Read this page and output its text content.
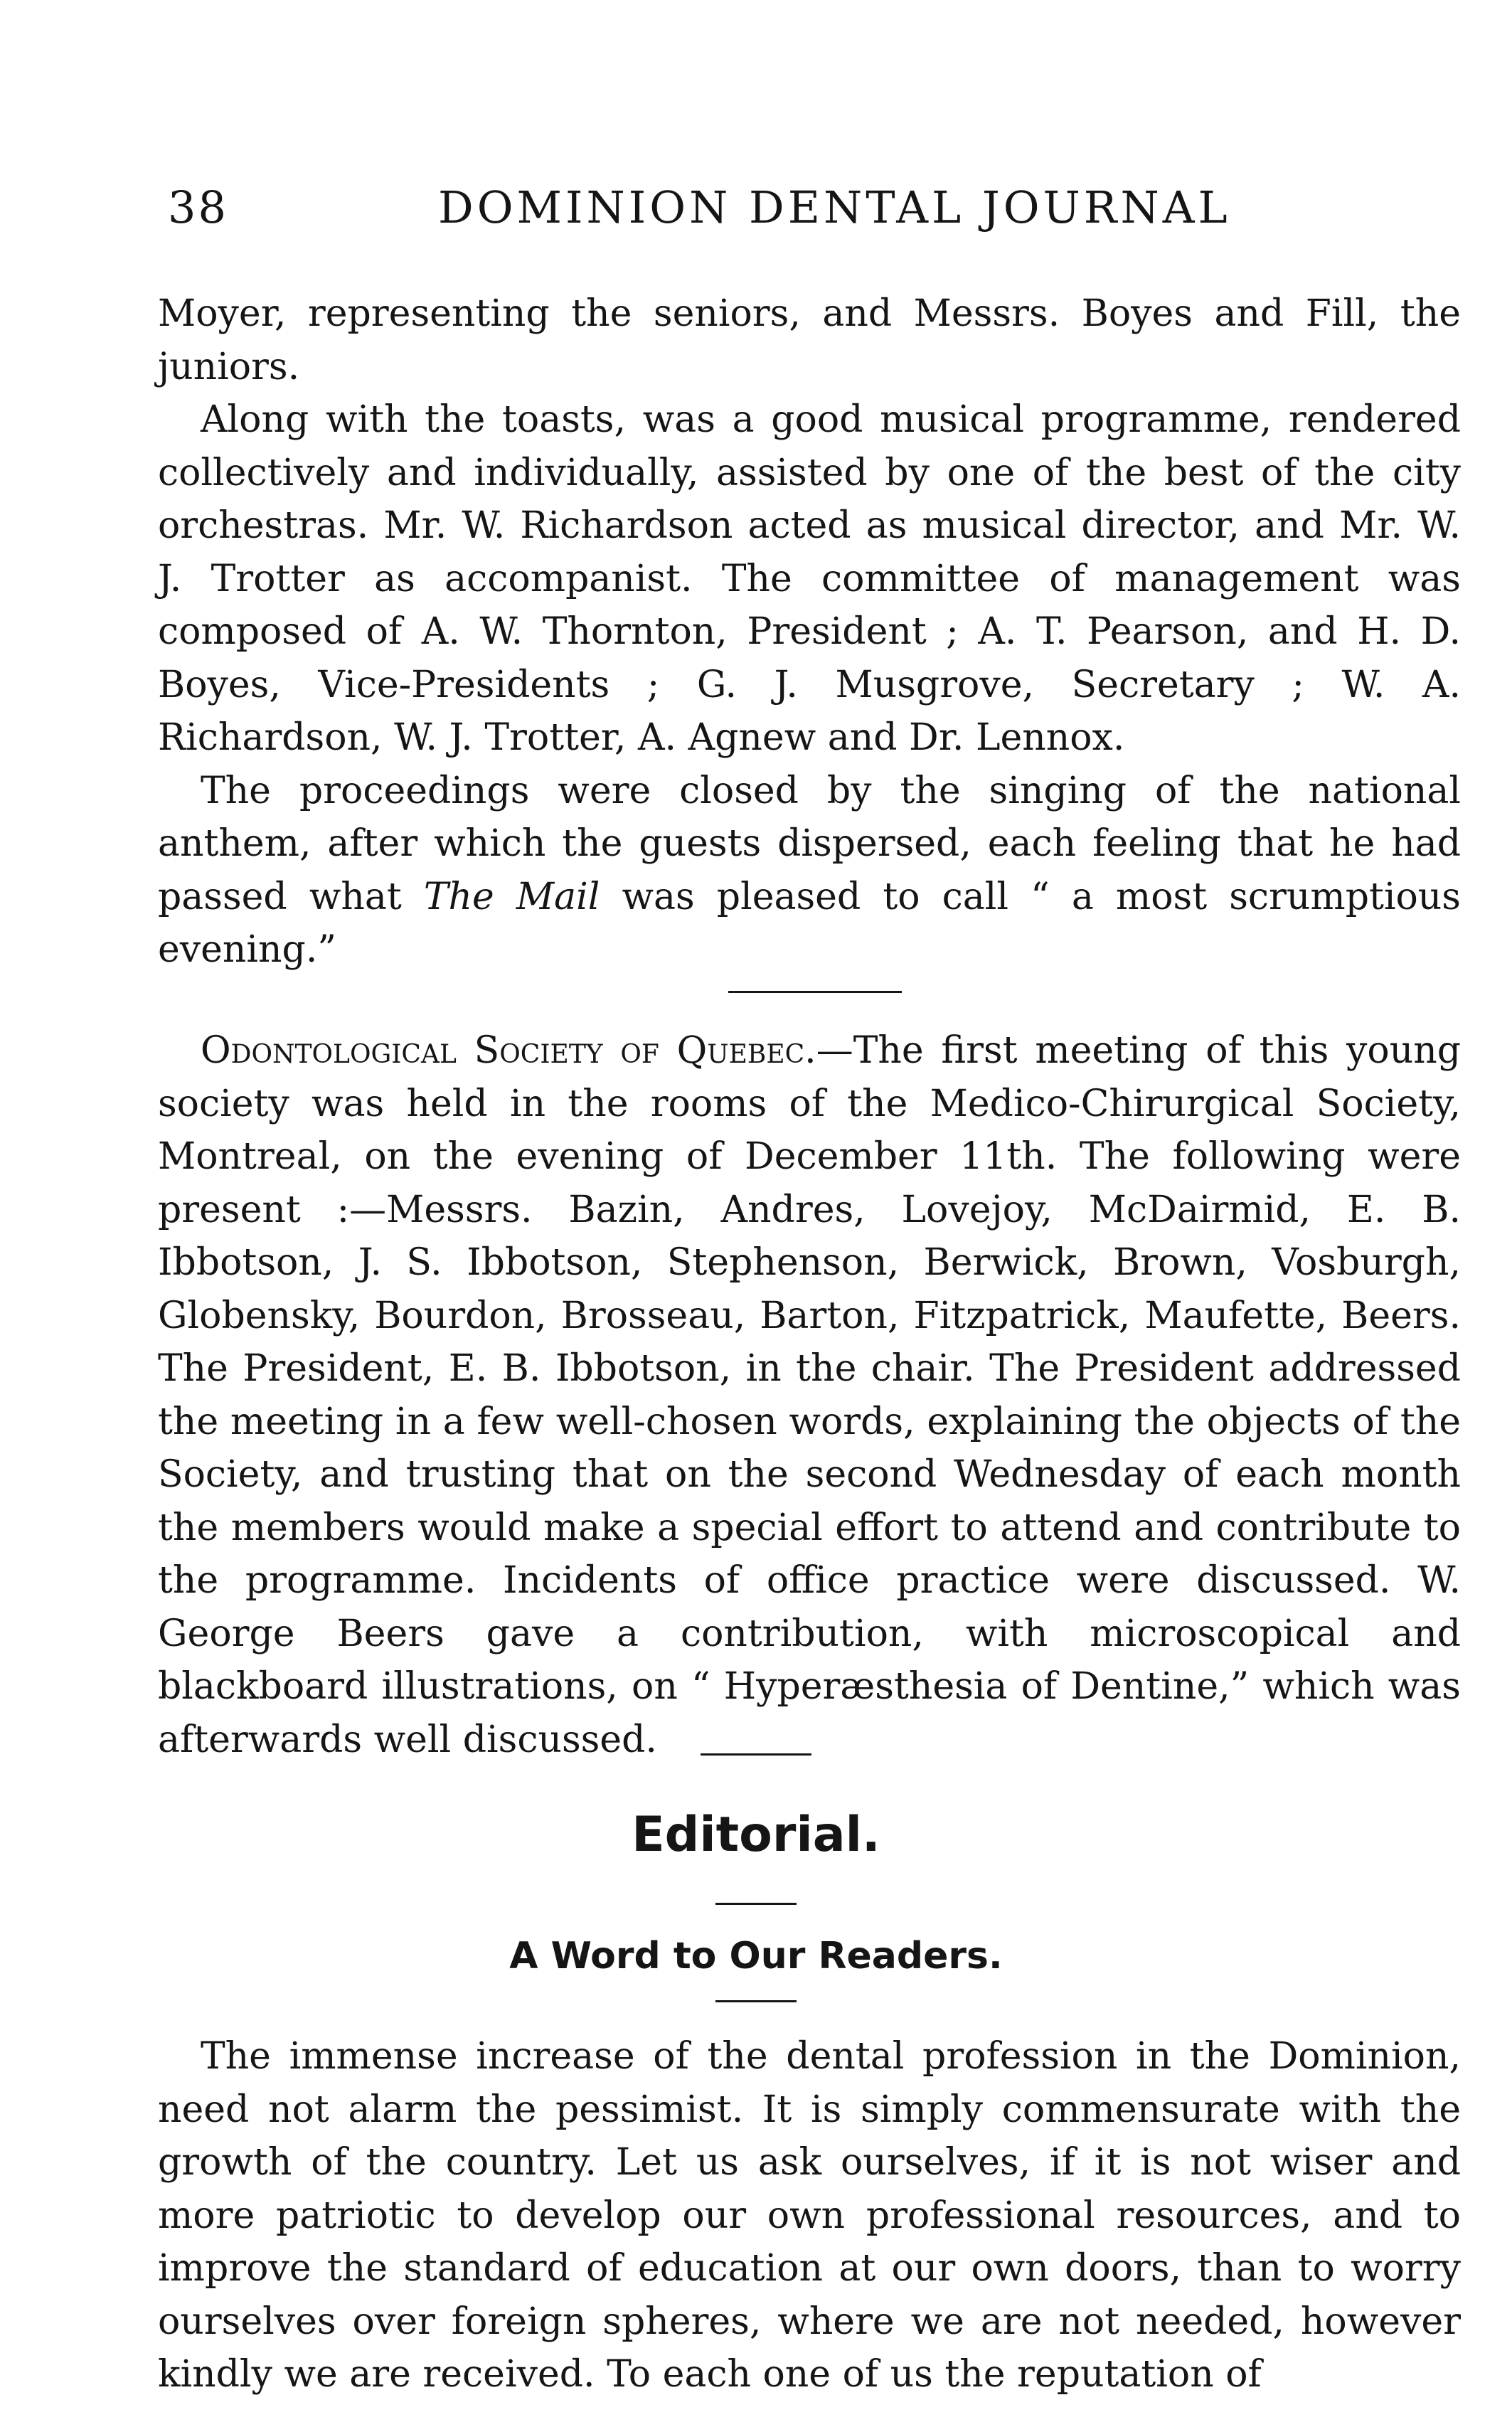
38	DOMINION DENTAL JOURNAL

Moyer, representing the seniors, and Messrs. Boyes and Fill, the juniors.

Along with the toasts, was a good musical programme, rendered collectively and individually, assisted by one of the best of the city orchestras. Mr. W. Richardson acted as musical director, and Mr. W. J. Trotter as accompanist. The committee of management was composed of A. W. Thornton, President ; A. T. Pearson, and H. D. Boyes, Vice-Presidents ; G. J. Musgrove, Secretary ; W. A. Richardson, W. J. Trotter, A. Agnew and Dr. Lennox.

The proceedings were closed by the singing of the national anthem, after which the guests dispersed, each feeling that he had passed what The Mail was pleased to call “ a most scrumptious evening.”

Odontological Society of Quebec.—The first meeting of this young society was held in the rooms of the Medico-Chirurgical Society, Montreal, on the evening of December 11th. The following were present :—Messrs. Bazin, Andres, Lovejoy, McDairmid, E. B. Ibbotson, J. S. Ibbotson, Stephenson, Berwick, Brown, Vosburgh, Globensky, Bourdon, Brosseau, Barton, Fitzpatrick, Maufette, Beers. The President, E. B. Ibbotson, in the chair. The President addressed the meeting in a few well-chosen words, explaining the objects of the Society, and trusting that on the second Wednesday of each month the members would make a special effort to attend and contribute to the programme. Incidents of office practice were discussed. W. George Beers gave a contribution, with microscopical and blackboard illustrations, on “ Hyperæsthesia of Dentine,” which was afterwards well discussed.

Editorial.
A Word to Our Readers.

The immense increase of the dental profession in the Dominion, need not alarm the pessimist. It is simply commensurate with the growth of the country. Let us ask ourselves, if it is not wiser and more patriotic to develop our own professional resources, and to improve the standard of education at our own doors, than to worry ourselves over foreign spheres, where we are not needed, however kindly we are received. To each one of us the reputation of
